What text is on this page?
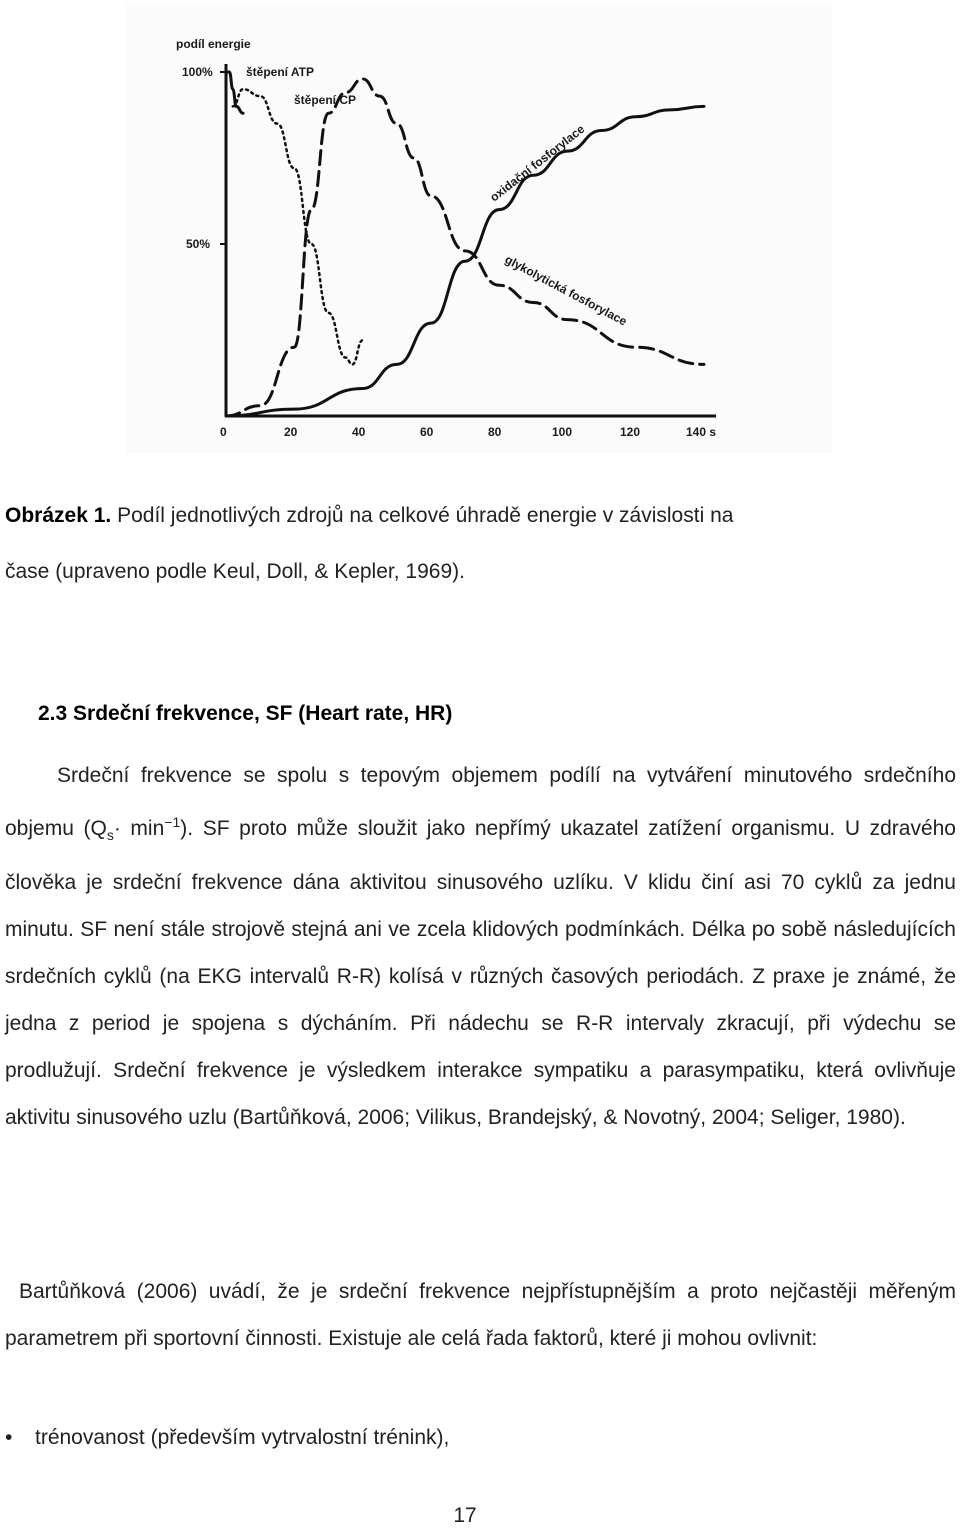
podíl energie
100%
50%
štěpení ATP
štěpení CP
glykolytická fosforylace
oxidační fosforylace
0	20	40	60	80	100	120	140 s
Obrázek 1. Podíl jednotlivých zdrojů na celkové úhradě energie v závislosti na
čase (upraveno podle Keul, Doll, & Kepler, 1969).
2.3 Srdeční frekvence, SF (Heart rate, HR)
Srdeční frekvence se spolu s tepovým objemem podílí na vytváření minutového srdečního objemu $(Q_s\cdot \min^{-1})$. SF proto může sloužit jako nepřímý ukazatel zatížení organismu. U zdravého člověka je srdeční frekvence dána aktivitou sinusového uzlíku. V klidu činí asi 70 cyklů za jednu minutu. SF není stále strojově stejná ani ve zcela klidových podmínkách. Délka po sobě následujících srdečních cyklů (na EKG intervalů R-R) kolísá v různých časových periodách. Z praxe je známé, že jedna z period je spojena s dýcháním. Při nádechu se R-R intervaly zkracují, při výdechu se prodlužují. Srdeční frekvence je výsledkem interakce sympatiku a parasympatiku, která ovlivňuje aktivitu sinusového uzlu (Bartůňková, 2006; Vilikus, Brandejský, & Novotný, 2004; Seliger, 1980).
Bartůňková (2006) uvádí, že je srdeční frekvence nejpřístupnějším a proto nejčastěji měřeným parametrem při sportovní činnosti. Existuje ale celá řada faktorů, které ji mohou ovlivnit:
• trénovanost (především vytrvalostní trénink),
17
